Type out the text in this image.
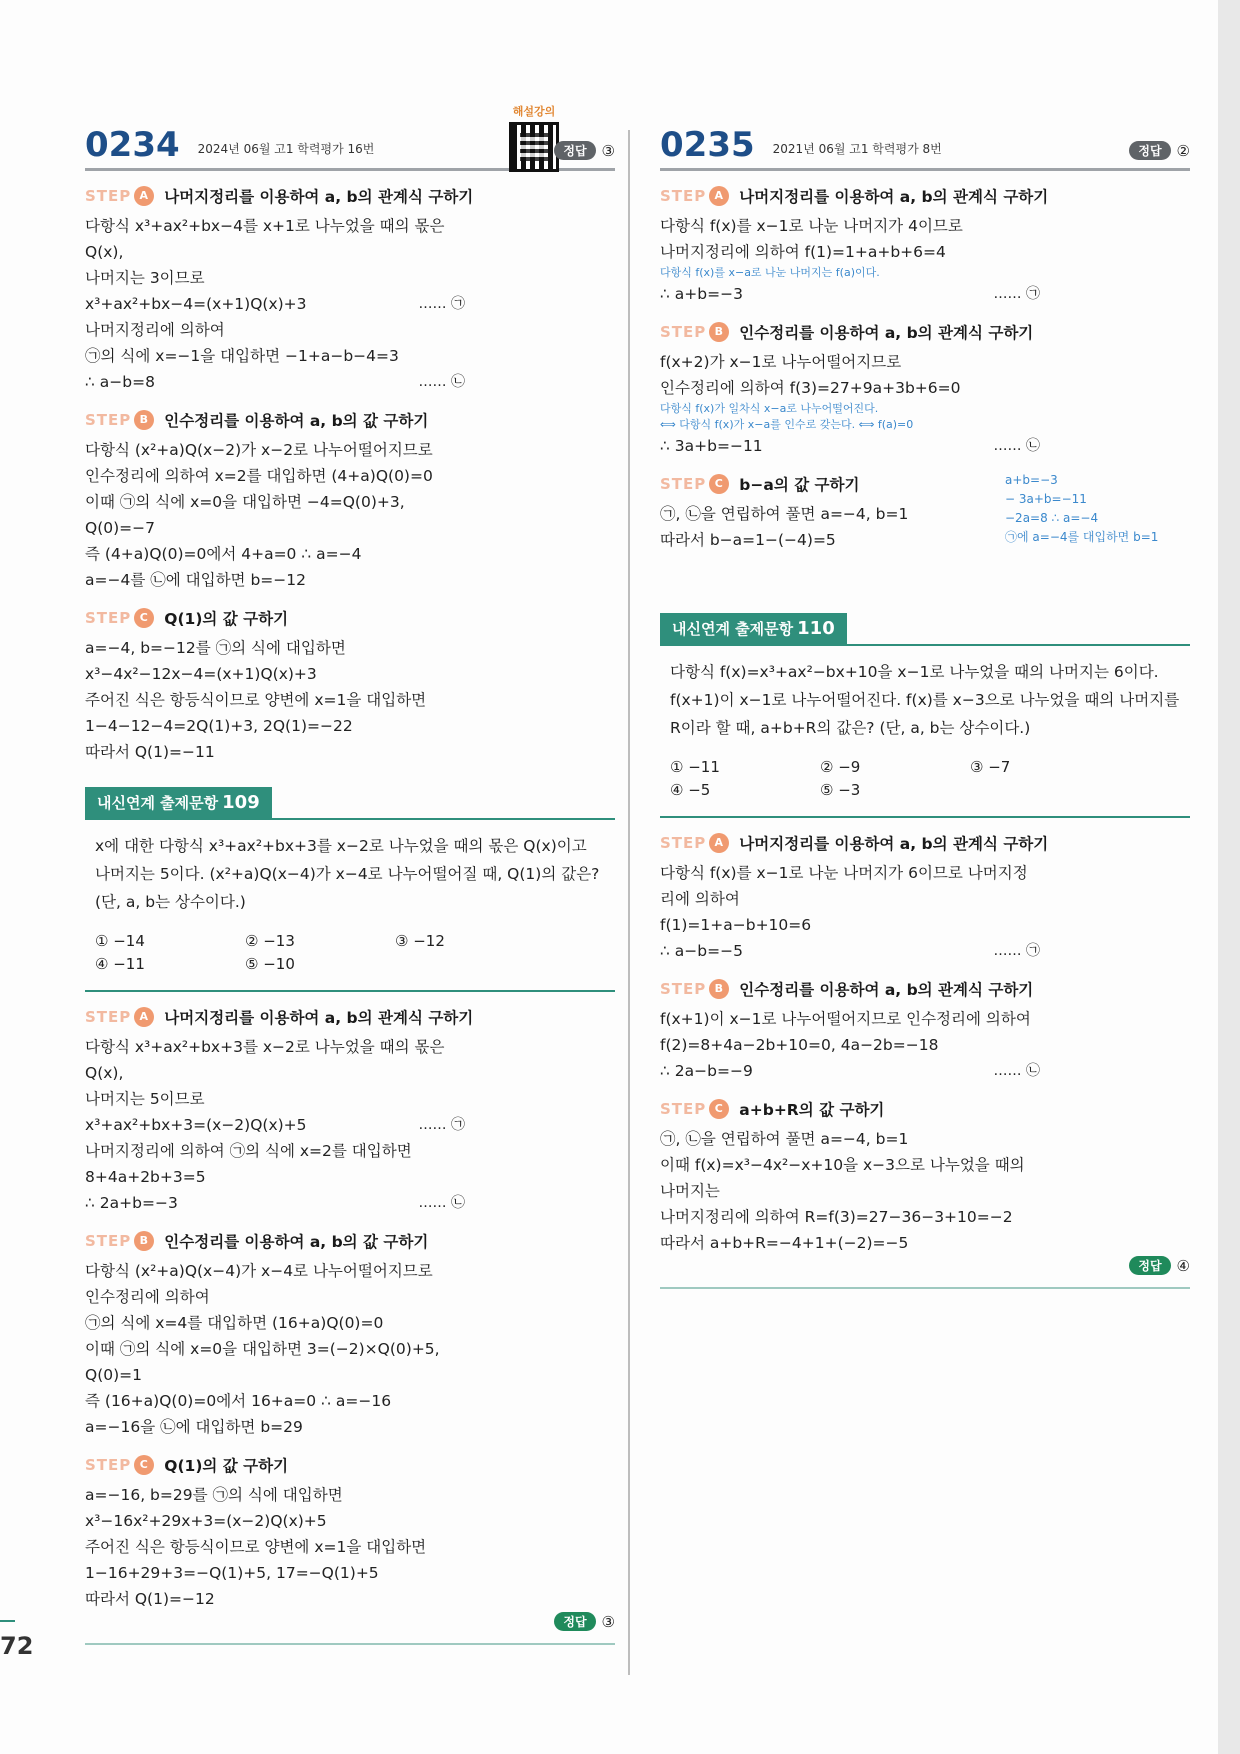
0234 2024년 06월 고1 학력평가 16번
해설강의
정답	③
STEP A 나머지정리를 이용하여 a, b의 관계식 구하기
다항식 x³+ax²+bx−4를 x+1로 나누었을 때의 몫은 Q(x),
나머지는 3이므로
x³+ax²+bx−4=(x+1)Q(x)+3	…… ㉠
나머지정리에 의하여
㉠의 식에 x=−1을 대입하면 −1+a−b−4=3
∴ a−b=8	…… ㉡
STEP B 인수정리를 이용하여 a, b의 값 구하기
다항식 (x²+a)Q(x−2)가 x−2로 나누어떨어지므로
인수정리에 의하여 x=2를 대입하면 (4+a)Q(0)=0
이때 ㉠의 식에 x=0을 대입하면 −4=Q(0)+3, Q(0)=−7
즉 (4+a)Q(0)=0에서 4+a=0 ∴ a=−4
a=−4를 ㉡에 대입하면 b=−12
STEP C Q(1)의 값 구하기
a=−4, b=−12를 ㉠의 식에 대입하면
x³−4x²−12x−4=(x+1)Q(x)+3
주어진 식은 항등식이므로 양변에 x=1을 대입하면
1−4−12−4=2Q(1)+3, 2Q(1)=−22
따라서 Q(1)=−11
내신연계 출제문항 109
x에 대한 다항식 x³+ax²+bx+3를 x−2로 나누었을 때의 몫은 Q(x)이고 나머지는 5이다. (x²+a)Q(x−4)가 x−4로 나누어떨어질 때, Q(1)의 값은? (단, a, b는 상수이다.)
① −14	② −13	③ −12
④ −11	⑤ −10
STEP A 나머지정리를 이용하여 a, b의 관계식 구하기
다항식 x³+ax²+bx+3를 x−2로 나누었을 때의 몫은 Q(x),
나머지는 5이므로
x³+ax²+bx+3=(x−2)Q(x)+5	…… ㉠
나머지정리에 의하여 ㉠의 식에 x=2를 대입하면 8+4a+2b+3=5
∴ 2a+b=−3	…… ㉡
STEP B 인수정리를 이용하여 a, b의 값 구하기
다항식 (x²+a)Q(x−4)가 x−4로 나누어떨어지므로
인수정리에 의하여
㉠의 식에 x=4를 대입하면 (16+a)Q(0)=0
이때 ㉠의 식에 x=0을 대입하면 3=(−2)×Q(0)+5, Q(0)=1
즉 (16+a)Q(0)=0에서 16+a=0 ∴ a=−16
a=−16을 ㉡에 대입하면 b=29
STEP C Q(1)의 값 구하기
a=−16, b=29를 ㉠의 식에 대입하면
x³−16x²+29x+3=(x−2)Q(x)+5
주어진 식은 항등식이므로 양변에 x=1을 대입하면
1−16+29+3=−Q(1)+5, 17=−Q(1)+5
따라서 Q(1)=−12
정답	③
0235 2021년 06월 고1 학력평가 8번	정답	②
STEP A 나머지정리를 이용하여 a, b의 관계식 구하기
다항식 f(x)를 x−1로 나눈 나머지가 4이므로
나머지정리에 의하여 f(1)=1+a+b+6=4
다항식 f(x)를 x−a로 나눈 나머지는 f(a)이다.
∴ a+b=−3	…… ㉠
STEP B 인수정리를 이용하여 a, b의 관계식 구하기
f(x+2)가 x−1로 나누어떨어지므로
인수정리에 의하여 f(3)=27+9a+3b+6=0
다항식 f(x)가 일차식 x−a로 나누어떨어진다.
⟺ 다항식 f(x)가 x−a를 인수로 갖는다. ⟺ f(a)=0
∴ 3a+b=−11	…… ㉡
STEP C b−a의 값 구하기
㉠, ㉡을 연립하여 풀면 a=−4, b=1
따라서 b−a=1−(−4)=5
a+b=−3
− 3a+b=−11
−2a=8 ∴ a=−4
㉠에 a=−4를 대입하면 b=1
내신연계 출제문항 110
다항식 f(x)=x³+ax²−bx+10을 x−1로 나누었을 때의 나머지는 6이다. f(x+1)이 x−1로 나누어떨어진다. f(x)를 x−3으로 나누었을 때의 나머지를 R이라 할 때, a+b+R의 값은? (단, a, b는 상수이다.)
① −11	② −9	③ −7
④ −5	⑤ −3
STEP A 나머지정리를 이용하여 a, b의 관계식 구하기
다항식 f(x)를 x−1로 나눈 나머지가 6이므로 나머지정리에 의하여
f(1)=1+a−b+10=6
∴ a−b=−5	…… ㉠
STEP B 인수정리를 이용하여 a, b의 관계식 구하기
f(x+1)이 x−1로 나누어떨어지므로 인수정리에 의하여
f(2)=8+4a−2b+10=0, 4a−2b=−18
∴ 2a−b=−9	…… ㉡
STEP C a+b+R의 값 구하기
㉠, ㉡을 연립하여 풀면 a=−4, b=1
이때 f(x)=x³−4x²−x+10을 x−3으로 나누었을 때의 나머지는
나머지정리에 의하여 R=f(3)=27−36−3+10=−2
따라서 a+b+R=−4+1+(−2)=−5
정답	④
72
